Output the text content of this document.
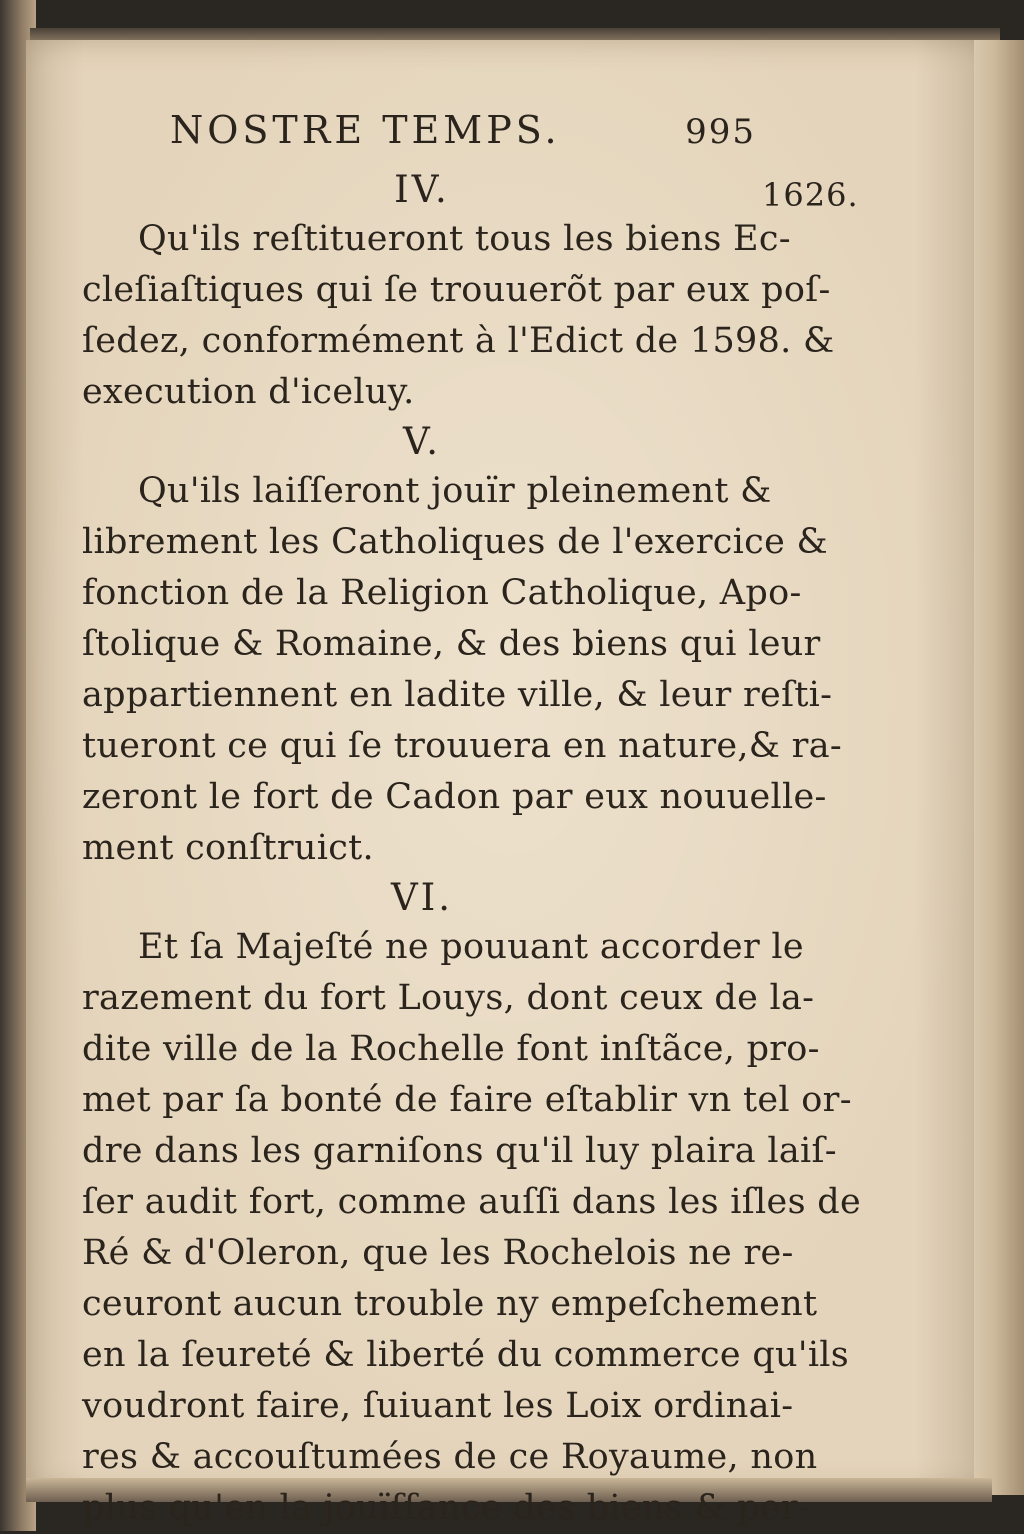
1626.
NOSTRE TEMPS.	995
IV.
Qu'ils reſtitueront tous les biens Ec-
cleſiaſtiques qui ſe trouuerõt par eux poſ-
ſedez, conformément à l'Edict de 1598. &
execution d'iceluy.
V.
Qu'ils laiſſeront jouïr pleinement &
librement les Catholiques de l'exercice &
fonction de la Religion Catholique, Apo-
ſtolique & Romaine, & des biens qui leur
appartiennent en ladite ville, & leur reſti-
tueront ce qui ſe trouuera en nature,& ra-
zeront le fort de Cadon par eux nouuelle-
ment conſtruict.
VI.
Et ſa Majeſté ne pouuant accorder le
razement du fort Louys, dont ceux de la-
dite ville de la Rochelle font inſtãce, pro-
met par ſa bonté de faire eſtablir vn tel or-
dre dans les garniſons qu'il luy plaira laiſ-
ſer audit fort, comme auſſi dans les iſles de
Ré & d'Oleron, que les Rochelois ne re-
ceuront aucun trouble ny empeſchement
en la ſeureté & liberté du commerce qu'ils
voudront faire, ſuiuant les Loix ordinai-
res & accouſtumées de ce Royaume, non
plus qu'en la jouïſſance des biens & per-
